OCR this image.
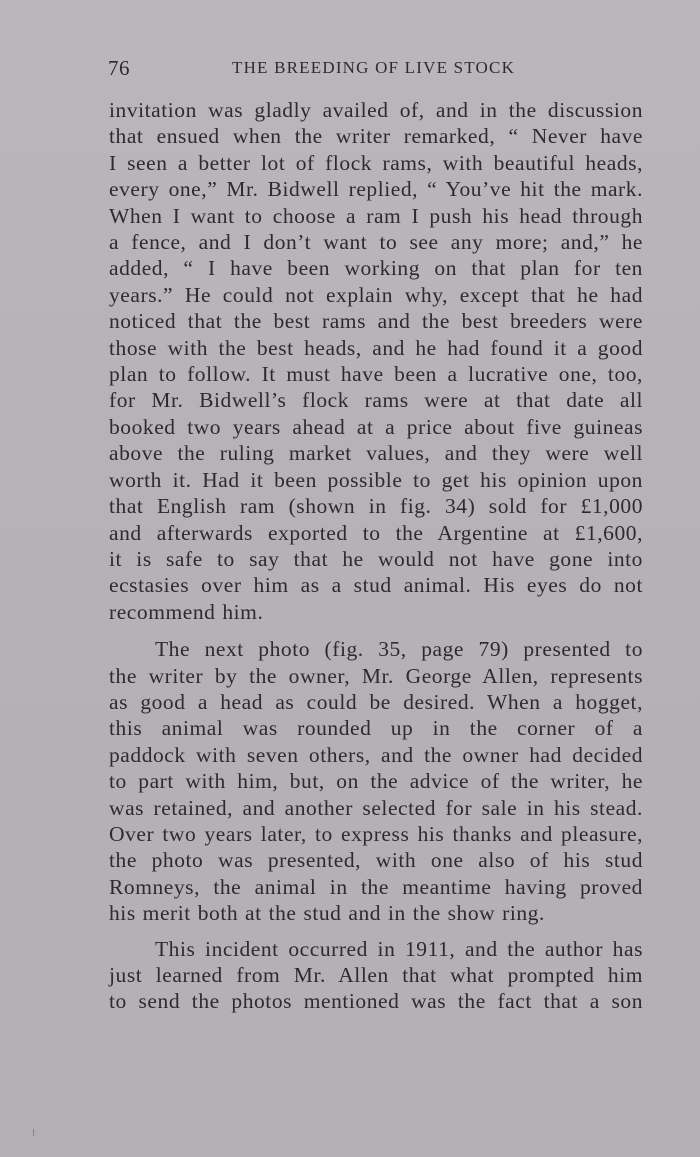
76	THE BREEDING OF LIVE STOCK

invitation was gladly availed of, and in the discussion
that ensued when the writer remarked, “ Never have
I seen a better lot of flock rams, with beautiful heads,
every one,” Mr. Bidwell replied, “ You’ve hit the mark.
When I want to choose a ram I push his head through
a fence, and I don’t want to see any more; and,” he
added, “ I have been working on that plan for ten
years.” He could not explain why, except that he had
noticed that the best rams and the best breeders were
those with the best heads, and he had found it a good
plan to follow. It must have been a lucrative one, too,
for Mr. Bidwell’s flock rams were at that date all
booked two years ahead at a price about five guineas
above the ruling market values, and they were well
worth it. Had it been possible to get his opinion upon
that English ram (shown in fig. 34) sold for £1,000
and afterwards exported to the Argentine at £1,600,
it is safe to say that he would not have gone into
ecstasies over him as a stud animal. His eyes do not
recommend him.

The next photo (fig. 35, page 79) presented to
the writer by the owner, Mr. George Allen, represents
as good a head as could be desired. When a hogget,
this animal was rounded up in the corner of a
paddock with seven others, and the owner had decided
to part with him, but, on the advice of the writer, he
was retained, and another selected for sale in his stead.
Over two years later, to express his thanks and pleasure,
the photo was presented, with one also of his stud
Romneys, the animal in the meantime having proved
his merit both at the stud and in the show ring.

This incident occurred in 1911, and the author has
just learned from Mr. Allen that what prompted him
to send the photos mentioned was the fact that a son

⁝
